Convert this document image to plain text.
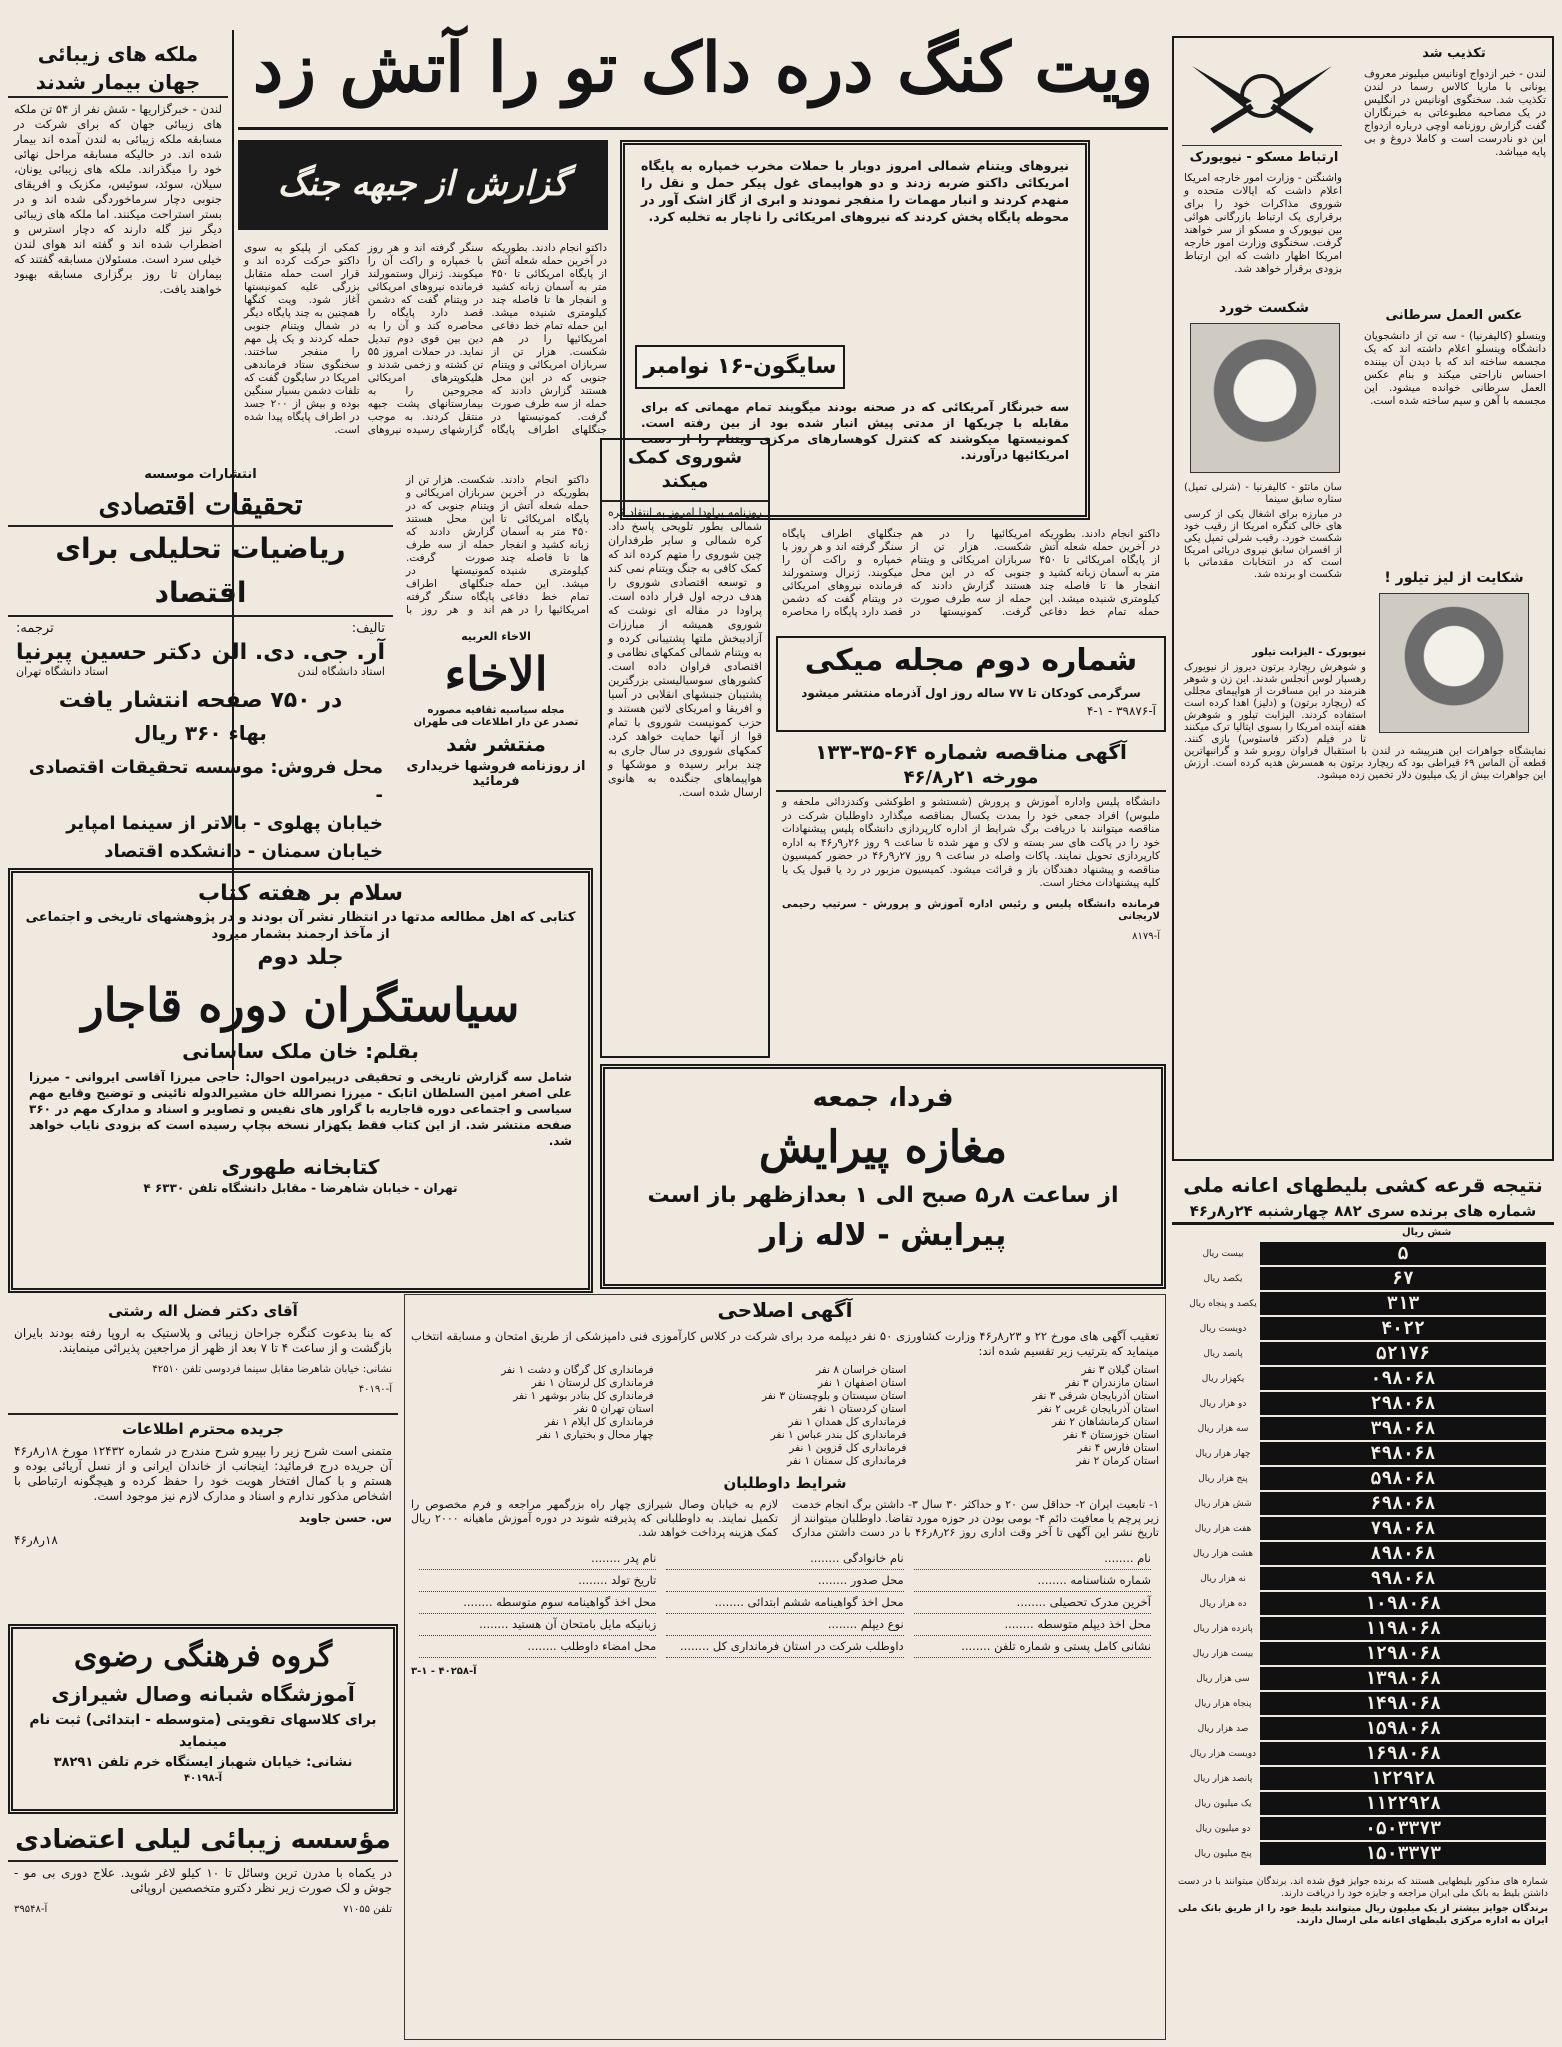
ویت کنگ دره داک تو را آتش زد
ملکه های زیبائی جهان بیمار شدند
لندن - خبرگزاریها - شش نفر از ۵۴ تن ملکه های زیبائی جهان که برای شرکت در مسابقه ملکه زیبائی به لندن آمده اند بیمار شده اند. در حالیکه مسابقه مراحل نهائی خود را میگذراند. ملکه های زیبائی یونان، سیلان، سوئد، سوئیس، مکزیک و افریقای جنوبی دچار سرماخوردگی شده اند و در بستر استراحت میکنند. اما ملکه های زیبائی دیگر نیز گله دارند که دچار استرس و اضطراب شده اند و گفته اند هوای لندن خیلی سرد است. مسئولان مسابقه گفتند که بیماران تا روز برگزاری مسابقه بهبود خواهند یافت.
نیروهای ویتنام شمالی امروز دوبار با حملات مخرب خمپاره به پایگاه امریکائی داکتو ضربه زدند و دو هواپیمای غول پیکر حمل و نقل را منهدم کردند و انبار مهمات را منفجر نمودند و ابری از گاز اشک آور در محوطه پایگاه پخش کردند که نیروهای امریکائی را ناچار به تخلیه کرد.
سایگون-۱۶ نوامبر
سه خبرنگار آمریکائی که در صحنه بودند میگویند تمام مهماتی که برای مقابله با چریکها از مدتی پیش انبار شده بود از بین رفته است. کمونیستها میکوشند که کنترل کوهسارهای مرکزی ویتنام را از دست امریکائیها درآورند.
گزارش از جبهه جنگ
داکتو انجام دادند. بطوریکه در آخرین حمله شعله آتش از پایگاه امریکائی تا ۴۵۰ متر به آسمان زبانه کشید و انفجار ها تا فاصله چند کیلومتری شنیده میشد. این حمله تمام خط دفاعی امریکائیها را در هم شکست. هزار تن از سربازان امریکائی و ویتنام جنوبی که در این محل هستند گزارش دادند که حمله از سه طرف صورت گرفت. کمونیستها در جنگلهای اطراف پایگاه سنگر گرفته اند و هر روز با خمپاره و راکت آن را میکوبند. ژنرال وستمورلند فرمانده نیروهای امریکائی در ویتنام گفت که دشمن قصد دارد پایگاه را محاصره کند و آن را به دین بین فوی دوم تبدیل نماید. در حملات امروز ۵۵ تن کشته و زخمی شدند و هلیکوپترهای امریکائی مجروحین را به بیمارستانهای پشت جبهه منتقل کردند. به موجب گزارشهای رسیده نیروهای کمکی از پلیکو به سوی داکتو حرکت کرده اند و قرار است حمله متقابل بزرگی علیه کمونیستها آغاز شود. ویت کنگها همچنین به چند پایگاه دیگر در شمال ویتنام جنوبی حمله کردند و یک پل مهم را منفجر ساختند. سخنگوی ستاد فرماندهی امریکا در سایگون گفت که تلفات دشمن بسیار سنگین بوده و بیش از ۲۰۰ جسد در اطراف پایگاه پیدا شده است.
ارتباط مسکو - نیویورک
واشنگتن - وزارت امور خارجه امریکا اعلام داشت که ایالات متحده و شوروی مذاکرات خود را برای برقراری یک ارتباط بازرگانی هوائی بین نیویورک و مسکو از سر خواهند گرفت. سخنگوی وزارت امور خارجه امریکا اظهار داشت که این ارتباط بزودی برقرار خواهد شد.
شکست خورد

سان ماتئو - کالیفرنیا - (شرلی تمپل) ستاره سابق سینما

در مبارزه برای اشغال یکی از کرسی های خالی کنگره امریکا از رقیب خود شکست خورد. رقیب شرلی تمپل یکی از افسران سابق نیروی دریائی امریکا است که در انتخابات مقدماتی با شکست او برنده شد.

تکذیب شد
لندن - خبر ازدواج اونانیس میلیونر معروف یونانی با ماریا کالاس رسما در لندن تکذیب شد. سخنگوی اونانیس در انگلیس در یک مصاحبه مطبوعاتی به خبرنگاران گفت گزارش روزنامه اوچی درباره ازدواج این دو نادرست است و کاملا دروغ و بی پایه میباشد.
عکس العمل سرطانی
وینسلو (کالیفرنیا) - سه تن از دانشجویان دانشگاه وینسلو اعلام داشته اند که یک مجسمه ساخته اند که با دیدن آن بیننده احساس ناراحتی میکند و بنام عکس العمل سرطانی خوانده میشود. این مجسمه با آهن و سیم ساخته شده است.
شکایت از لیز تیلور !

نیویورک - الیزابت تیلور

و شوهرش ریچارد برتون دیروز از نیویورک رهسپار لوس آنجلس شدند. این زن و شوهر هنرمند در این مسافرت از هواپیمای مجللی که (ریچارد برتون) و (دلیز) اهدا کرده است استفاده کردند. الیزابت تیلور و شوهرش هفته آینده امریکا را بسوی ایتالیا ترک میکنند تا در فیلم (دکتر فاستوس) بازی کنند. نمایشگاه جواهرات این هنرپیشه در لندن با استقبال فراوان روبرو شد و گرانبهاترین قطعه آن الماس ۶۹ قیراطی بود که ریچارد برتون به همسرش هدیه کرده است. ارزش این جواهرات بیش از یک میلیون دلار تخمین زده میشود.

شوروی کمک میکند
روزنامه پراودا امروز به انتقاد کره شمالی بطور تلویحی پاسخ داد. کره شمالی و سایر طرفداران چین شوروی را متهم کرده اند که کمک کافی به جنگ ویتنام نمی کند و توسعه اقتصادی شوروی را هدف درجه اول قرار داده است. پراودا در مقاله ای نوشت که شوروی همیشه از مبارزات آزادیبخش ملتها پشتیبانی کرده و به ویتنام شمالی کمکهای نظامی و اقتصادی فراوان داده است. کشورهای سوسیالیستی بزرگترین پشتیبان جنبشهای انقلابی در آسیا و افریقا و امریکای لاتین هستند و حزب کمونیست شوروی با تمام قوا از آنها حمایت خواهد کرد. کمکهای شوروی در سال جاری به چند برابر رسیده و موشکها و هواپیماهای جنگنده به هانوی ارسال شده است.
داکتو انجام دادند. بطوریکه در آخرین حمله شعله آتش از پایگاه امریکائی تا ۴۵۰ متر به آسمان زبانه کشید و انفجار ها تا فاصله چند کیلومتری شنیده میشد. این حمله تمام خط دفاعی امریکائیها را در هم شکست. هزار تن از سربازان امریکائی و ویتنام جنوبی که در این محل هستند گزارش دادند که حمله از سه طرف صورت گرفت. کمونیستها در جنگلهای اطراف پایگاه سنگر گرفته اند و هر روز با خمپاره و راکت آن را میکوبند. ژنرال وستمورلند فرمانده نیروهای امریکائی در ویتنام گفت که دشمن قصد دارد پایگاه را محاصره
داکتو انجام دادند. بطوریکه در آخرین حمله شعله آتش از پایگاه امریکائی تا ۴۵۰ متر به آسمان زبانه کشید و انفجار ها تا فاصله چند کیلومتری شنیده میشد. این حمله تمام خط دفاعی امریکائیها را در هم شکست. هزار تن از سربازان امریکائی و ویتنام جنوبی که در این محل هستند گزارش دادند که حمله از سه طرف صورت گرفت. کمونیستها در جنگلهای اطراف پایگاه سنگر گرفته اند و هر روز با
انتشارات موسسه
تحقیقات اقتصادی
ریاضیات تحلیلی برای اقتصاد
تالیف:
ترجمه:
آر. جی. دی. الن
دکتر حسین پیرنیا
استاد دانشگاه لندن
استاد دانشگاه تهران
در ۷۵۰ صفحه انتشار یافت
بهاء ۳۶۰ ریال
محل فروش: موسسه تحقیقات اقتصادی -
خیابان پهلوی - بالاتر از سینما امپایر
خیابان سمنان - دانشکده اقتصاد
الاخاء العربیه
الاخاء
مجله سیاسیه ثقافیه مصوره
تصدر عن دار اطلاعات فی طهران
منتشر شد
از روزنامه فروشها خریداری فرمائید
شماره دوم مجله میکی
سرگرمی کودکان تا ۷۷ ساله روز اول آذرماه منتشر میشود
آ-۳۹۸۷۶ - ۱-۴
آگهی مناقصه شماره ۶۴-۳۵-۱۳۳
مورخه ۲۱ر۴۶/۸
دانشگاه پلیس واداره آموزش و پرورش (شستشو و اطوکشی وکندزدائی ملحفه و ملبوس) افراد جمعی خود را بمدت یکسال بمناقصه میگذارد داوطلبان شرکت در مناقصه میتوانند با دریافت برگ شرایط از اداره کارپردازی دانشگاه پلیس پیشنهادات خود را در پاکت های سر بسته و لاک و مهر شده تا ساعت ۹ روز ۲۶ر۹ر۴۶ به اداره کارپردازی تحویل نمایند. پاکات واصله در ساعت ۹ روز ۲۷ر۹ر۴۶ در حضور کمیسیون مناقصه و پیشنهاد دهندگان باز و قرائت میشود. کمیسیون مزبور در رد یا قبول یک یا کلیه پیشنهادات مختار است.
فرمانده دانشگاه پلیس و رئیس اداره آموزش و پرورش - سرتیپ رحیمی لاریجانی
آ-۸۱۷۹
سلام بر هفته کتاب
کتابی که اهل مطالعه مدتها در انتظار نشر آن بودند و در پژوهشهای تاریخی و اجتماعی از مآخذ ارجمند بشمار میرود
جلد دوم
سیاستگران دوره قاجار
بقلم: خان ملک ساسانی
شامل سه گزارش تاریخی و تحقیقی درپیرامون احوال: حاجی میرزا آقاسی ایروانی - میرزا علی اصغر امین السلطان اتابک - میرزا نصرالله خان مشیرالدوله نائینی و توضیح وقایع مهم سیاسی و اجتماعی دوره قاجاریه با گراور های نفیس و تصاویر و اسناد و مدارک مهم در ۳۶۰ صفحه منتشر شد. از این کتاب فقط یکهزار نسخه بچاپ رسیده است که بزودی نایاب خواهد شد.
کتابخانه طهوری
تهران - خیابان شاهرضا - مقابل دانشگاه تلفن ۶۳۳۰ ۴
فردا، جمعه
مغازه پیرایش
از ساعت ۸ر۵ صبح الی ۱ بعدازظهر باز است
پیرایش - لاله زار
نتیجه قرعه کشی بلیطهای اعانه ملی
شماره های برنده سری ۸۸۲ چهارشنبه ۲۴ر۸ر۴۶
شش ریال
۵
بیست ریال
۶۷
یکصد ریال
۳۱۳
یکصد و پنجاه ریال
۴۰۲۲
دویست ریال
۵۲۱۷۶
پانصد ریال
۰۹۸۰۶۸
یکهزار ریال
۲۹۸۰۶۸
دو هزار ریال
۳۹۸۰۶۸
سه هزار ریال
۴۹۸۰۶۸
چهار هزار ریال
۵۹۸۰۶۸
پنج هزار ریال
۶۹۸۰۶۸
شش هزار ریال
۷۹۸۰۶۸
هفت هزار ریال
۸۹۸۰۶۸
هشت هزار ریال
۹۹۸۰۶۸
نه هزار ریال
۱۰۹۸۰۶۸
ده هزار ریال
۱۱۹۸۰۶۸
پانزده هزار ریال
۱۲۹۸۰۶۸
بیست هزار ریال
۱۳۹۸۰۶۸
سی هزار ریال
۱۴۹۸۰۶۸
پنجاه هزار ریال
۱۵۹۸۰۶۸
صد هزار ریال
۱۶۹۸۰۶۸
دویست هزار ریال
۱۲۲۹۲۸
پانصد هزار ریال
۱۱۲۲۹۲۸
یک میلیون ریال
۰۵۰۳۳۷۳
دو میلیون ریال
۱۵۰۳۳۷۳
پنج میلیون ریال

شماره های مذکور بلیطهایی هستند که برنده جوایز فوق شده اند. برندگان میتوانند با در دست داشتن بلیط به بانک ملی ایران مراجعه و جایزه خود را دریافت دارند.

برندگان جوایز بیشتر از یک میلیون ریال میتوانند بلیط خود را از طریق بانک ملی ایران به اداره مرکزی بلیطهای اعانه ملی ارسال دارند.

آقای دکتر فضل اله رشتی
که بنا بدعوت کنگره جراحان زیبائی و پلاستیک به اروپا رفته بودند بایران بازگشت و از ساعت ۴ تا ۷ بعد از ظهر از مراجعین پذیرائی مینمایند.
نشانی: خیابان شاهرضا مقابل سینما فردوسی تلفن ۴۲۵۱۰
آ-۴۰۱۹۰
جریده محترم اطلاعات
متمنی است شرح زیر را بپیرو شرح مندرج در شماره ۱۲۴۳۲ مورخ ۱۸ر۸ر۴۶ آن جریده درج فرمائید: اینجانب از خاندان ایرانی و از نسل آریائی بوده و هستم و با کمال افتخار هویت خود را حفظ کرده و هیچگونه ارتباطی با اشخاص مذکور ندارم و اسناد و مدارک لازم نیز موجود است.
س. حسن جاوید
۱۸ر۸ر۴۶
گروه فرهنگی رضوی
آموزشگاه شبانه وصال شیرازی
برای کلاسهای تقویتی (متوسطه - ابتدائی) ثبت نام مینماید
نشانی: خیابان شهباز ایستگاه خرم تلفن ۳۸۲۹۱
آ-۴۰۱۹۸
مؤسسه زیبائی لیلی اعتضادی
در یکماه با مدرن ترین وسائل تا ۱۰ کیلو لاغر شوید. علاج دوری بی مو - جوش و لک صورت زیر نظر دکترو متخصصین اروپائی
تلفن ۷۱۰۵۵
آ-۳۹۵۴۸
آگهی اصلاحی
تعقیب آگهی های مورخ ۲۲ و ۲۳ر۸ر۴۶ وزارت کشاورزی ۵۰ نفر دیپلمه مرد برای شرکت در کلاس کارآموزی فنی دامپزشکی از طریق امتحان و مسابقه انتخاب مینماید که بترتیب زیر تقسیم شده اند:
استان گیلان ۳ نفر
استان مازندران ۳ نفر
استان آذربایجان شرقی ۳ نفر
استان آذربایجان غربی ۲ نفر
استان کرمانشاهان ۲ نفر
استان خوزستان ۴ نفر
استان فارس ۴ نفر
استان کرمان ۲ نفر
استان خراسان ۸ نفر
استان اصفهان ۱ نفر
استان سیستان و بلوچستان ۳ نفر
استان کردستان ۱ نفر
فرمانداری کل همدان ۱ نفر
فرمانداری کل بندر عباس ۱ نفر
فرمانداری کل قزوین ۱ نفر
فرمانداری کل سمنان ۱ نفر
فرمانداری کل گرگان و دشت ۱ نفر
فرمانداری کل لرستان ۱ نفر
فرمانداری کل بنادر بوشهر ۱ نفر
استان تهران ۵ نفر
فرمانداری کل ایلام ۱ نفر
چهار محال و بختیاری ۱ نفر
شرایط داوطلبان
۱- تابعیت ایران ۲- حداقل سن ۲۰ و حداکثر ۳۰ سال ۳- داشتن برگ انجام خدمت زیر پرچم یا معافیت دائم ۴- بومی بودن در حوزه مورد تقاضا. داوطلبان میتوانند از تاریخ نشر این آگهی تا آخر وقت اداری روز ۲۶ر۸ر۴۶ با در دست داشتن مدارک لازم به خیابان وصال شیرازی چهار راه بزرگمهر مراجعه و فرم مخصوص را تکمیل نمایند. به داوطلبانی که پذیرفته شوند در دوره آموزش ماهیانه ۲۰۰۰ ریال کمک هزینه پرداخت خواهد شد.
نام ........
نام خانوادگی ........
نام پدر ........
شماره شناسنامه ........
محل صدور ........
تاریخ تولد ........
آخرین مدرک تحصیلی ........
محل اخذ گواهینامه ششم ابتدائی ........
محل اخذ گواهینامه سوم متوسطه ........
محل اخذ دیپلم متوسطه ........
نوع دیپلم ........
زبانیکه مایل بامتحان آن هستید ........
نشانی کامل پستی و شماره تلفن ........
داوطلب شرکت در استان فرمانداری کل ........
محل امضاء داوطلب ........
آ-۴۰۲۵۸ - ۱-۳
